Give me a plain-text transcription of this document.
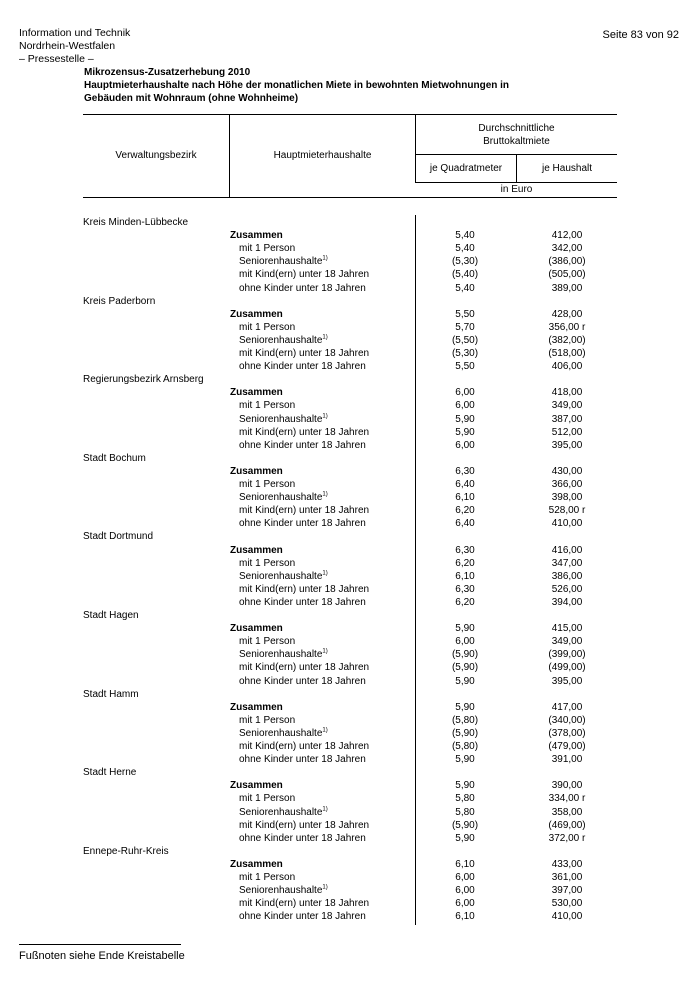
Information und Technik
Nordrhein-Westfalen
– Pressestelle –
Seite 83 von 92
Mikrozensus-Zusatzerhebung 2010
Hauptmieterhaushalte nach Höhe der monatlichen Miete in bewohnten Mietwohnungen in
Gebäuden mit Wohnraum (ohne Wohnheime)
Verwaltungsbezirk	Hauptmieterhaushalte
Durchschnittliche
Bruttokaltmiete
je Quadratmeter	je Haushalt
in Euro
Kreis Minden-Lübbecke
Zusammen	5,40	412,00
mit 1 Person	5,40	342,00
Seniorenhaushalte$^{1)}$	(5,30)	(386,00)
mit Kind(ern) unter 18 Jahren	(5,40)	(505,00)
ohne Kinder unter 18 Jahren	5,40	389,00
Kreis Paderborn
Zusammen	5,50	428,00
mit 1 Person	5,70	356,00 r
Seniorenhaushalte$^{1)}$	(5,50)	(382,00)
mit Kind(ern) unter 18 Jahren	(5,30)	(518,00)
ohne Kinder unter 18 Jahren	5,50	406,00
Regierungsbezirk Arnsberg
Zusammen	6,00	418,00
mit 1 Person	6,00	349,00
Seniorenhaushalte$^{1)}$	5,90	387,00
mit Kind(ern) unter 18 Jahren	5,90	512,00
ohne Kinder unter 18 Jahren	6,00	395,00
Stadt Bochum
Zusammen	6,30	430,00
mit 1 Person	6,40	366,00
Seniorenhaushalte$^{1)}$	6,10	398,00
mit Kind(ern) unter 18 Jahren	6,20	528,00 r
ohne Kinder unter 18 Jahren	6,40	410,00
Stadt Dortmund
Zusammen	6,30	416,00
mit 1 Person	6,20	347,00
Seniorenhaushalte$^{1)}$	6,10	386,00
mit Kind(ern) unter 18 Jahren	6,30	526,00
ohne Kinder unter 18 Jahren	6,20	394,00
Stadt Hagen
Zusammen	5,90	415,00
mit 1 Person	6,00	349,00
Seniorenhaushalte$^{1)}$	(5,90)	(399,00)
mit Kind(ern) unter 18 Jahren	(5,90)	(499,00)
ohne Kinder unter 18 Jahren	5,90	395,00
Stadt Hamm
Zusammen	5,90	417,00
mit 1 Person	(5,80)	(340,00)
Seniorenhaushalte$^{1)}$	(5,90)	(378,00)
mit Kind(ern) unter 18 Jahren	(5,80)	(479,00)
ohne Kinder unter 18 Jahren	5,90	391,00
Stadt Herne
Zusammen	5,90	390,00
mit 1 Person	5,80	334,00 r
Seniorenhaushalte$^{1)}$	5,80	358,00
mit Kind(ern) unter 18 Jahren	(5,90)	(469,00)
ohne Kinder unter 18 Jahren	5,90	372,00 r
Ennepe-Ruhr-Kreis
Zusammen	6,10	433,00
mit 1 Person	6,00	361,00
Seniorenhaushalte$^{1)}$	6,00	397,00
mit Kind(ern) unter 18 Jahren	6,00	530,00
ohne Kinder unter 18 Jahren	6,10	410,00
Fußnoten siehe Ende Kreistabelle
